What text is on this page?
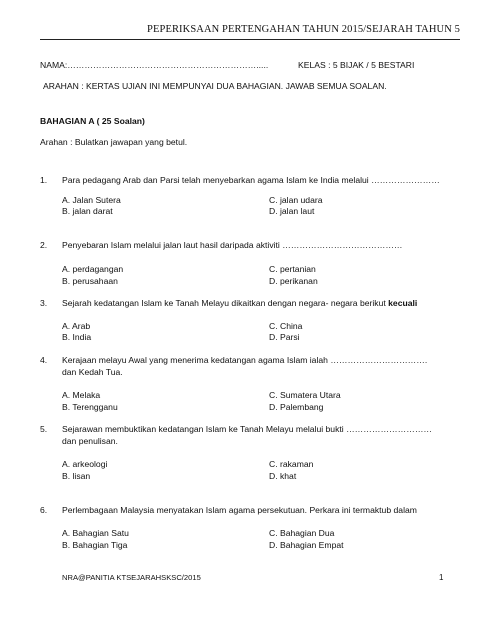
PEPERIKSAAN PERTENGAHAN TAHUN 2015/SEJARAH TAHUN 5
NAMA:………………………………………………………….....	KELAS : 5 BIJAK / 5 BESTARI
ARAHAN : KERTAS UJIAN INI MEMPUNYAI DUA BAHAGIAN. JAWAB SEMUA SOALAN.
BAHAGIAN A ( 25 Soalan)
Arahan : Bulatkan jawapan yang betul.
1. Para pedagang Arab dan Parsi telah menyebarkan agama Islam ke India melalui ……………………
A. Jalan Sutera	C. jalan udara
B. jalan darat	D. jalan laut
2. Penyebaran Islam melalui jalan laut hasil daripada aktiviti ……………………………………
A. perdagangan	C. pertanian
B. perusahaan	D. perikanan
3. Sejarah kedatangan Islam ke Tanah Melayu dikaitkan dengan negara- negara berikut kecuali
A. Arab	C. China
B. India	D. Parsi
4. Kerajaan melayu Awal yang menerima kedatangan agama Islam ialah …………………………….
dan Kedah Tua.
A. Melaka	C. Sumatera Utara
B. Terengganu	D. Palembang
5. Sejarawan membuktikan kedatangan Islam ke Tanah Melayu melalui bukti …………………………
dan penulisan.
A. arkeologi	C. rakaman
B. lisan	D. khat
6. Perlembagaan Malaysia menyatakan Islam agama persekutuan. Perkara ini termaktub dalam
A. Bahagian Satu	C. Bahagian Dua
B. Bahagian Tiga	D. Bahagian Empat
NRA@PANITIA KTSEJARAHSKSC/2015	1
